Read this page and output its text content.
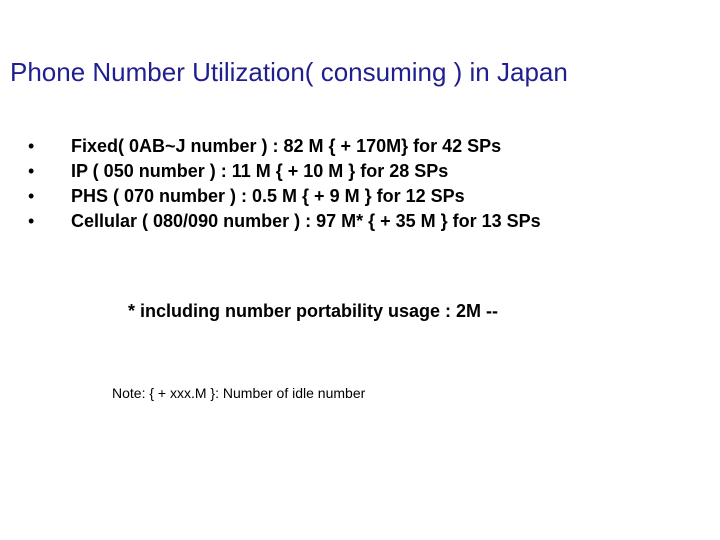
Phone Number Utilization( consuming ) in Japan
• Fixed( 0AB~J number ) : 82 M { + 170M} for 42 SPs
• IP ( 050 number ) : 11 M { + 10 M } for 28 SPs
• PHS ( 070 number ) : 0.5 M { + 9 M } for 12 SPs
• Cellular ( 080/090 number ) : 97 M* { + 35 M } for 13 SPs
* including number portability usage : 2M --
Note: { + xxx.M }: Number of idle number
